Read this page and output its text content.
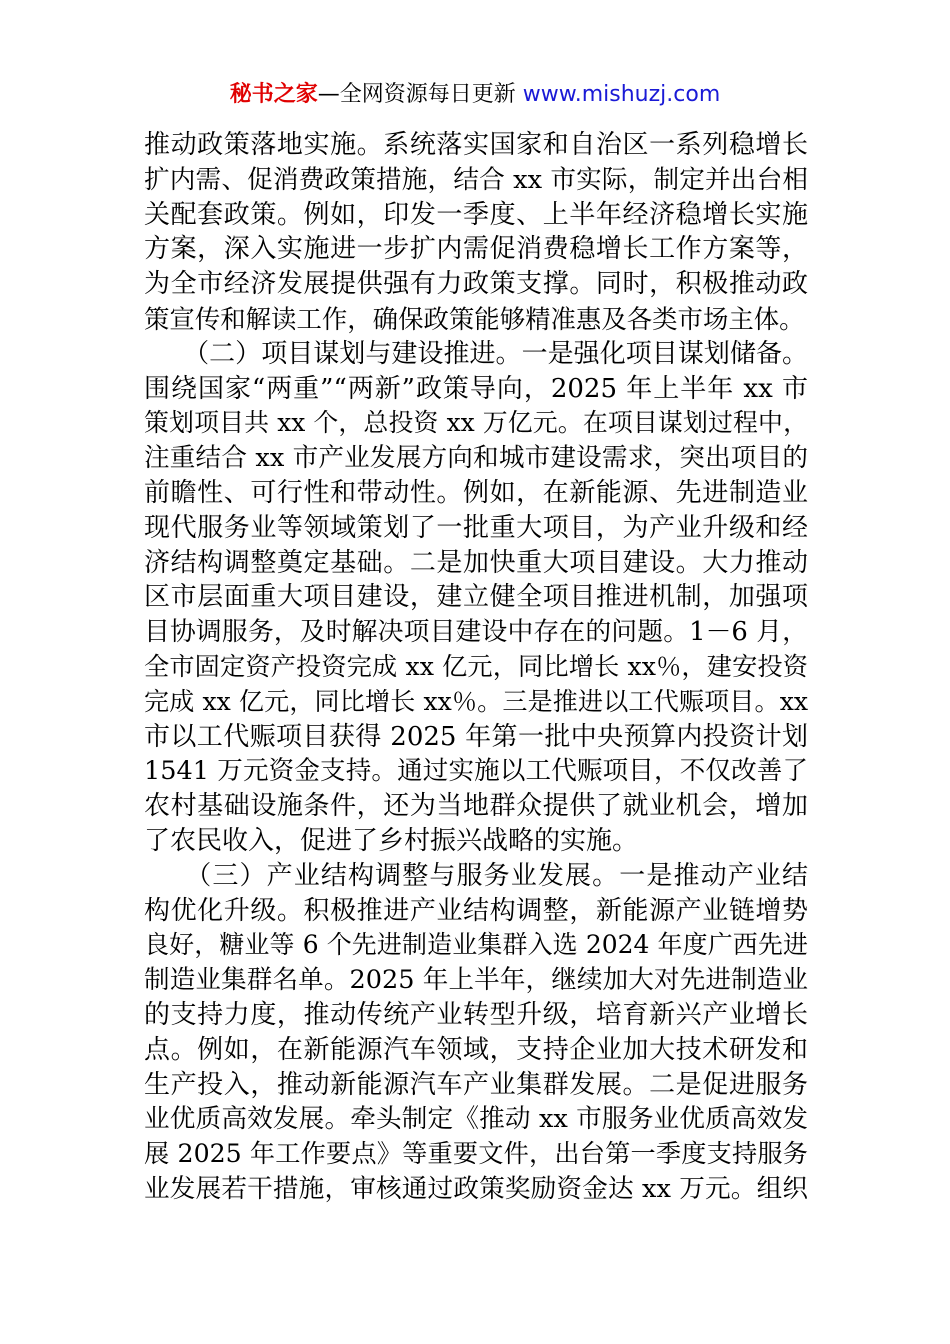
秘书之家—全网资源每日更新 www.mishuzj.com
推动政策落地实施。系统落实国家和自治区一系列稳增长
扩内需、促消费政策措施，结合 xx 市实际，制定并出台相
关配套政策。例如，印发一季度、上半年经济稳增长实施
方案，深入实施进一步扩内需促消费稳增长工作方案等，
为全市经济发展提供强有力政策支撑。同时，积极推动政
策宣传和解读工作，确保政策能够精准惠及各类市场主体。
　　（二）项目谋划与建设推进。一是强化项目谋划储备。
围绕国家“两重”“两新”政策导向，2025 年上半年 xx 市
策划项目共 xx 个，总投资 xx 万亿元。在项目谋划过程中，
注重结合 xx 市产业发展方向和城市建设需求，突出项目的
前瞻性、可行性和带动性。例如，在新能源、先进制造业
现代服务业等领域策划了一批重大项目，为产业升级和经
济结构调整奠定基础。二是加快重大项目建设。大力推动
区市层面重大项目建设，建立健全项目推进机制，加强项
目协调服务，及时解决项目建设中存在的问题。1－6 月，
全市固定资产投资完成 xx 亿元，同比增长 xx％，建安投资
完成 xx 亿元，同比增长 xx％。三是推进以工代赈项目。xx
市以工代赈项目获得 2025 年第一批中央预算内投资计划
1541 万元资金支持。通过实施以工代赈项目，不仅改善了
农村基础设施条件，还为当地群众提供了就业机会，增加
了农民收入，促进了乡村振兴战略的实施。
　　（三）产业结构调整与服务业发展。一是推动产业结
构优化升级。积极推进产业结构调整，新能源产业链增势
良好，糖业等 6 个先进制造业集群入选 2024 年度广西先进
制造业集群名单。2025 年上半年，继续加大对先进制造业
的支持力度，推动传统产业转型升级，培育新兴产业增长
点。例如，在新能源汽车领域，支持企业加大技术研发和
生产投入，推动新能源汽车产业集群发展。二是促进服务
业优质高效发展。牵头制定《推动 xx 市服务业优质高效发
展 2025 年工作要点》等重要文件，出台第一季度支持服务
业发展若干措施，审核通过政策奖励资金达 xx 万元。组织
